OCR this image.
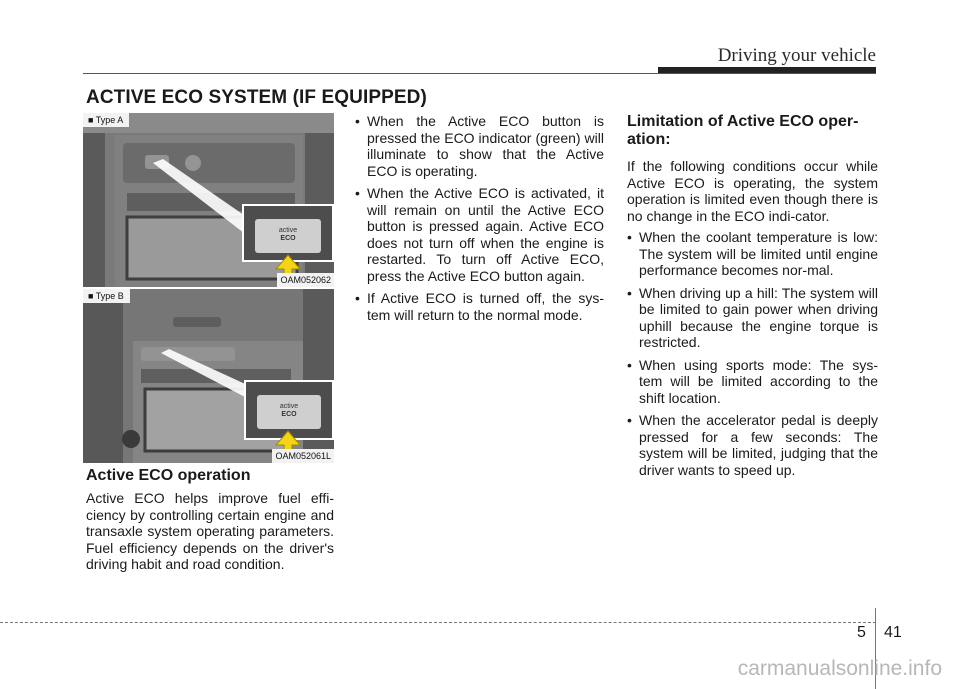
Driving your vehicle
ACTIVE ECO SYSTEM (IF EQUIPPED)
active
ECO
■ Type A
OAM052062
active
ECO
■ Type B
OAM052061L
Active ECO operation
Active ECO helps improve fuel effi-ciency by controlling certain engine and transaxle system operating parameters. Fuel efficiency depends on the driver's driving habit and road condition.
• When the Active ECO button is pressed the ECO indicator (green) will illuminate to show that the Active ECO is operating.
• When the Active ECO is activated, it will remain on until the Active ECO button is pressed again. Active ECO does not turn off when the engine is restarted. To turn off Active ECO, press the Active ECO button again.
• If Active ECO is turned off, the sys-tem will return to the normal mode.
Limitation of Active ECO oper-ation:

If the following conditions occur while Active ECO is operating, the system operation is limited even though there is no change in the ECO indi-cator.

• When the coolant temperature is low: The system will be limited until engine performance becomes nor-mal.
• When driving up a hill: The system will be limited to gain power when driving uphill because the engine torque is restricted.
• When using sports mode: The sys-tem will be limited according to the shift location.
• When the accelerator pedal is deeply pressed for a few seconds: The system will be limited, judging that the driver wants to speed up.
5 41
carmanualsonline.info
